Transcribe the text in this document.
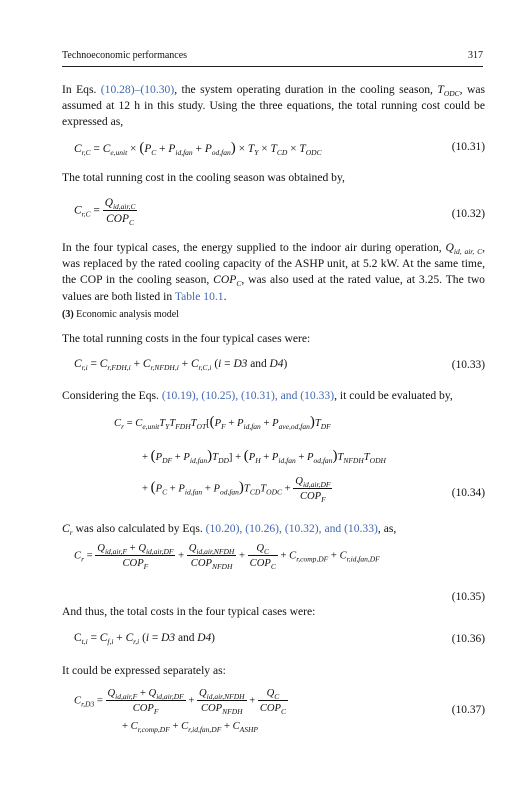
Technoeconomic performances	317
In Eqs. (10.28)–(10.30), the system operating duration in the cooling season, $T_{ODC}$, was assumed at 12 h in this study. Using the three equations, the total running cost could be expressed as,
$C_{r,C} = C_{e,unit} \times (P_C + P_{id,fan} + P_{od,fan}) \times T_Y \times T_{CD} \times T_{ODC}$	(10.31)
The total running cost in the cooling season was obtained by,
$C_{r,C} = \frac{Q_{id,air,C}}{COP_C}$	(10.32)
In the four typical cases, the energy supplied to the indoor air during operation, $Q_{id, air, C}$, was replaced by the rated cooling capacity of the ASHP unit, at 5.2 kW. At the same time, the COP in the cooling season, $COP_C$, was also used at the rated value, at 3.25. The two values are both listed in Table 10.1.
(3) Economic analysis model
The total running costs in the four typical cases were:
$C_{r,i} = C_{r,FDH,i} + C_{r,NFDH,i} + C_{r,C,i}$ (i = D3 and D4)	(10.33)
Considering the Eqs. (10.19), (10.25), (10.31), and (10.33), it could be evaluated by,
$C_r = C_{e,unit}T_YT_{FDH}T_{OT}[(P_F + P_{id,fan} + P_{ave,od,fan})T_{DF}$
+ $(P_{DF} + P_{id,fan})T_{DD}] + (P_H + P_{id,fan} + P_{od,fan})T_{NFDH}T_{ODH}$
+ $(P_C + P_{id,fan} + P_{od,fan})T_{CD}T_{ODC} + \frac{Q_{id,air,DF}}{COP_F}$	(10.34)
$C_r$ was also calculated by Eqs. (10.20), (10.26), (10.32), and (10.33), as,
$C_r = \frac{Q_{id,air,F} + Q_{id,air,DF}}{COP_F} + \frac{Q_{id,air,NFDH}}{COP_{NFDH}} + \frac{Q_C}{COP_C} + C_{r,comp,DF} + C_{r,id,fan,DF}$
(10.35)
And thus, the total costs in the four typical cases were:
$C_{t,i} = C_{f,i} + C_{r,i}$ (i = D3 and D4)	(10.36)
It could be expressed separately as:
$C_{r,D3} = \frac{Q_{id,air,F} + Q_{id,air,DF}}{COP_F} + \frac{Q_{id,air,NFDH}}{COP_{NFDH}} + \frac{Q_C}{COP_C}$
+ $C_{r,comp,DF} + C_{r,id,fan,DF} + C_{ASHP}$
(10.37)
